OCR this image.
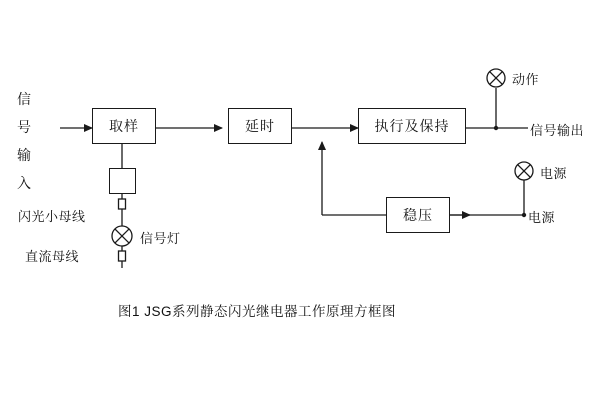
信
号
输
入
取样	延时	执行及保持
稳压
闪光小母线
直流母线
信号灯
动作
信号输出
电源
电源
图1 JSG系列静态闪光继电器工作原理方框图
